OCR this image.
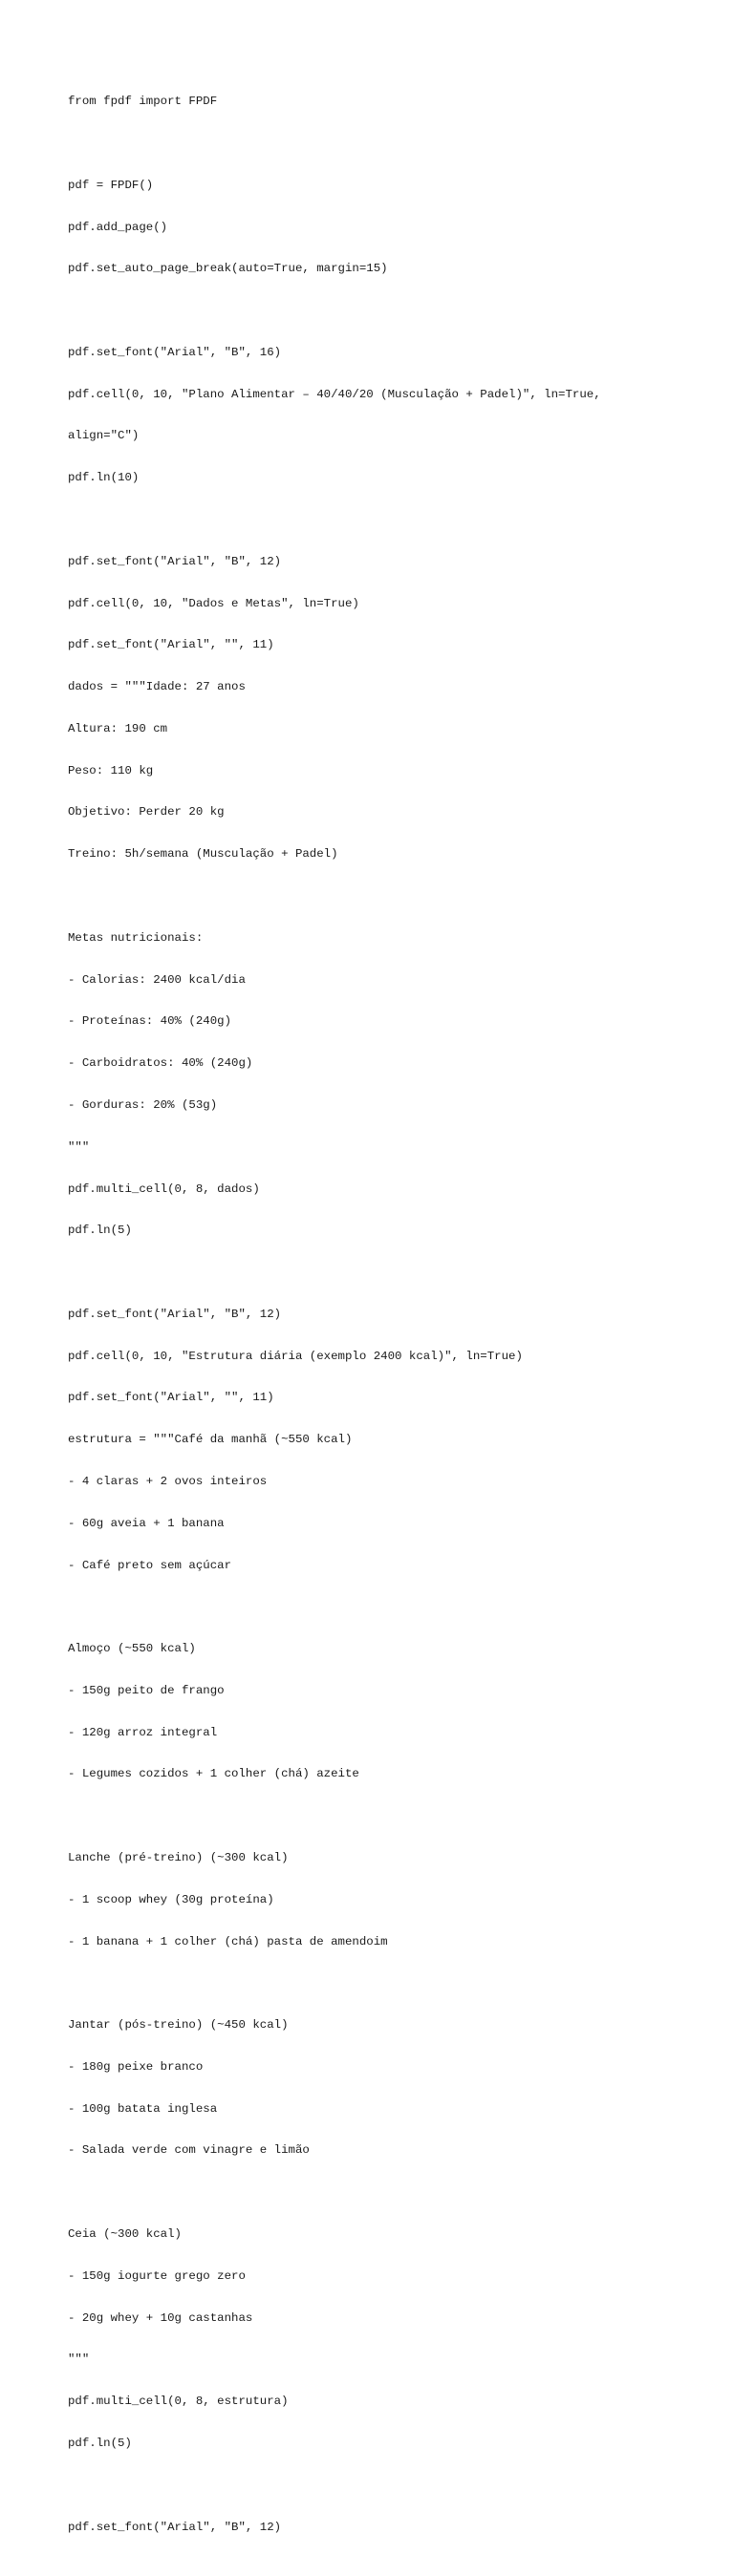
from fpdf import FPDF

pdf = FPDF()

pdf.add_page()

pdf.set_auto_page_break(auto=True, margin=15)

pdf.set_font("Arial", "B", 16)

pdf.cell(0, 10, "Plano Alimentar – 40/40/20 (Musculação + Padel)", ln=True,

align="C")

pdf.ln(10)

pdf.set_font("Arial", "B", 12)

pdf.cell(0, 10, "Dados e Metas", ln=True)

pdf.set_font("Arial", "", 11)

dados = """Idade: 27 anos

Altura: 190 cm

Peso: 110 kg

Objetivo: Perder 20 kg

Treino: 5h/semana (Musculação + Padel)

Metas nutricionais:

- Calorias: 2400 kcal/dia

- Proteínas: 40% (240g)

- Carboidratos: 40% (240g)

- Gorduras: 20% (53g)

"""

pdf.multi_cell(0, 8, dados)

pdf.ln(5)

pdf.set_font("Arial", "B", 12)

pdf.cell(0, 10, "Estrutura diária (exemplo 2400 kcal)", ln=True)

pdf.set_font("Arial", "", 11)

estrutura = """Café da manhã (~550 kcal)

- 4 claras + 2 ovos inteiros

- 60g aveia + 1 banana

- Café preto sem açúcar

Almoço (~550 kcal)

- 150g peito de frango

- 120g arroz integral

- Legumes cozidos + 1 colher (chá) azeite

Lanche (pré-treino) (~300 kcal)

- 1 scoop whey (30g proteína)

- 1 banana + 1 colher (chá) pasta de amendoim

Jantar (pós-treino) (~450 kcal)

- 180g peixe branco

- 100g batata inglesa

- Salada verde com vinagre e limão

Ceia (~300 kcal)

- 150g iogurte grego zero

- 20g whey + 10g castanhas

"""

pdf.multi_cell(0, 8, estrutura)

pdf.ln(5)

pdf.set_font("Arial", "B", 12)
